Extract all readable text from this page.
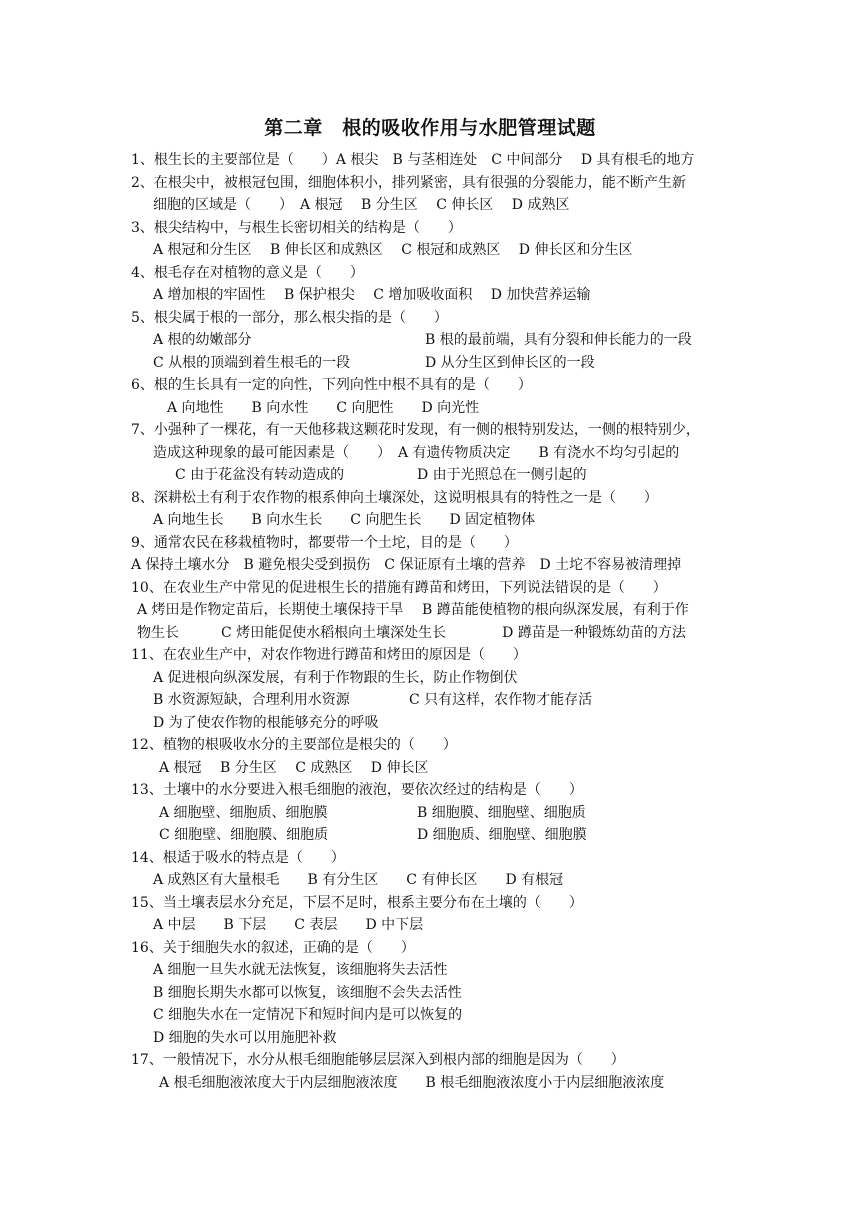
第二章　根的吸收作用与水肥管理试题
1、根生长的主要部位是（　　）A 根尖　B 与茎相连处　C 中间部分　 D 具有根毛的地方
2、在根尖中，被根冠包围，细胞体积小，排列紧密，具有很强的分裂能力，能不断产生新
细胞的区域是（　　）　A 根冠　 B 分生区　 C 伸长区　 D 成熟区
3、根尖结构中，与根生长密切相关的结构是（　　）
A 根冠和分生区　 B 伸长区和成熟区　 C 根冠和成熟区　 D 伸长区和分生区
4、根毛存在对植物的意义是（　　）
A 增加根的牢固性　 B 保护根尖　 C 增加吸收面积　 D 加快营养运输
5、根尖属于根的一部分，那么根尖指的是（　　）
A 根的幼嫩部分	B 根的最前端，具有分裂和伸长能力的一段
C 从根的顶端到着生根毛的一段	D 从分生区到伸长区的一段
6、根的生长具有一定的向性，下列向性中根不具有的是（　　）
A 向地性　　B 向水性　　C 向肥性　　D 向光性
7、小强种了一棵花，有一天他移栽这颗花时发现，有一侧的根特别发达，一侧的根特别少，
造成这种现象的最可能因素是（　　）　A 有遗传物质决定　　B 有浇水不均匀引起的
C 由于花盆没有转动造成的	D 由于光照总在一侧引起的
8、深耕松土有利于农作物的根系伸向土壤深处，这说明根具有的特性之一是（　　）
A 向地生长　　B 向水生长　　C 向肥生长　　D 固定植物体
9、通常农民在移栽植物时，都要带一个土坨，目的是（　　）
A 保持土壤水分　B 避免根尖受到损伤　C 保证原有土壤的营养　D 土坨不容易被清理掉
10、在农业生产中常见的促进根生长的措施有蹲苗和烤田，下列说法错误的是（　　）
A 烤田是作物定苗后，长期使土壤保持干旱　 B 蹲苗能使植物的根向纵深发展，有利于作
物生长　　　C 烤田能促使水稻根向土壤深处生长　　　　D 蹲苗是一种锻炼幼苗的方法
11、在农业生产中，对农作物进行蹲苗和烤田的原因是（　　）
A 促进根向纵深发展，有利于作物跟的生长，防止作物倒伏
B 水资源短缺，合理利用水资源	C 只有这样，农作物才能存活
D 为了使农作物的根能够充分的呼吸
12、植物的根吸收水分的主要部位是根尖的（　　）
A 根冠　 B 分生区　 C 成熟区　 D 伸长区
13、土壤中的水分要进入根毛细胞的液泡，要依次经过的结构是（　　）
A 细胞壁、细胞质、细胞膜	B 细胞膜、细胞壁、细胞质
C 细胞壁、细胞膜、细胞质	D 细胞质、细胞壁、细胞膜
14、根适于吸水的特点是（　　）
A 成熟区有大量根毛　　B 有分生区　　C 有伸长区　　D 有根冠
15、当土壤表层水分充足，下层不足时，根系主要分布在土壤的（　　）
A 中层　　B 下层　　C 表层　　D 中下层
16、关于细胞失水的叙述，正确的是（　　）
A 细胞一旦失水就无法恢复，该细胞将失去活性
B 细胞长期失水都可以恢复，该细胞不会失去活性
C 细胞失水在一定情况下和短时间内是可以恢复的
D 细胞的失水可以用施肥补救
17、一般情况下，水分从根毛细胞能够层层深入到根内部的细胞是因为（　　）
A 根毛细胞液浓度大于内层细胞液浓度　　B 根毛细胞液浓度小于内层细胞液浓度
